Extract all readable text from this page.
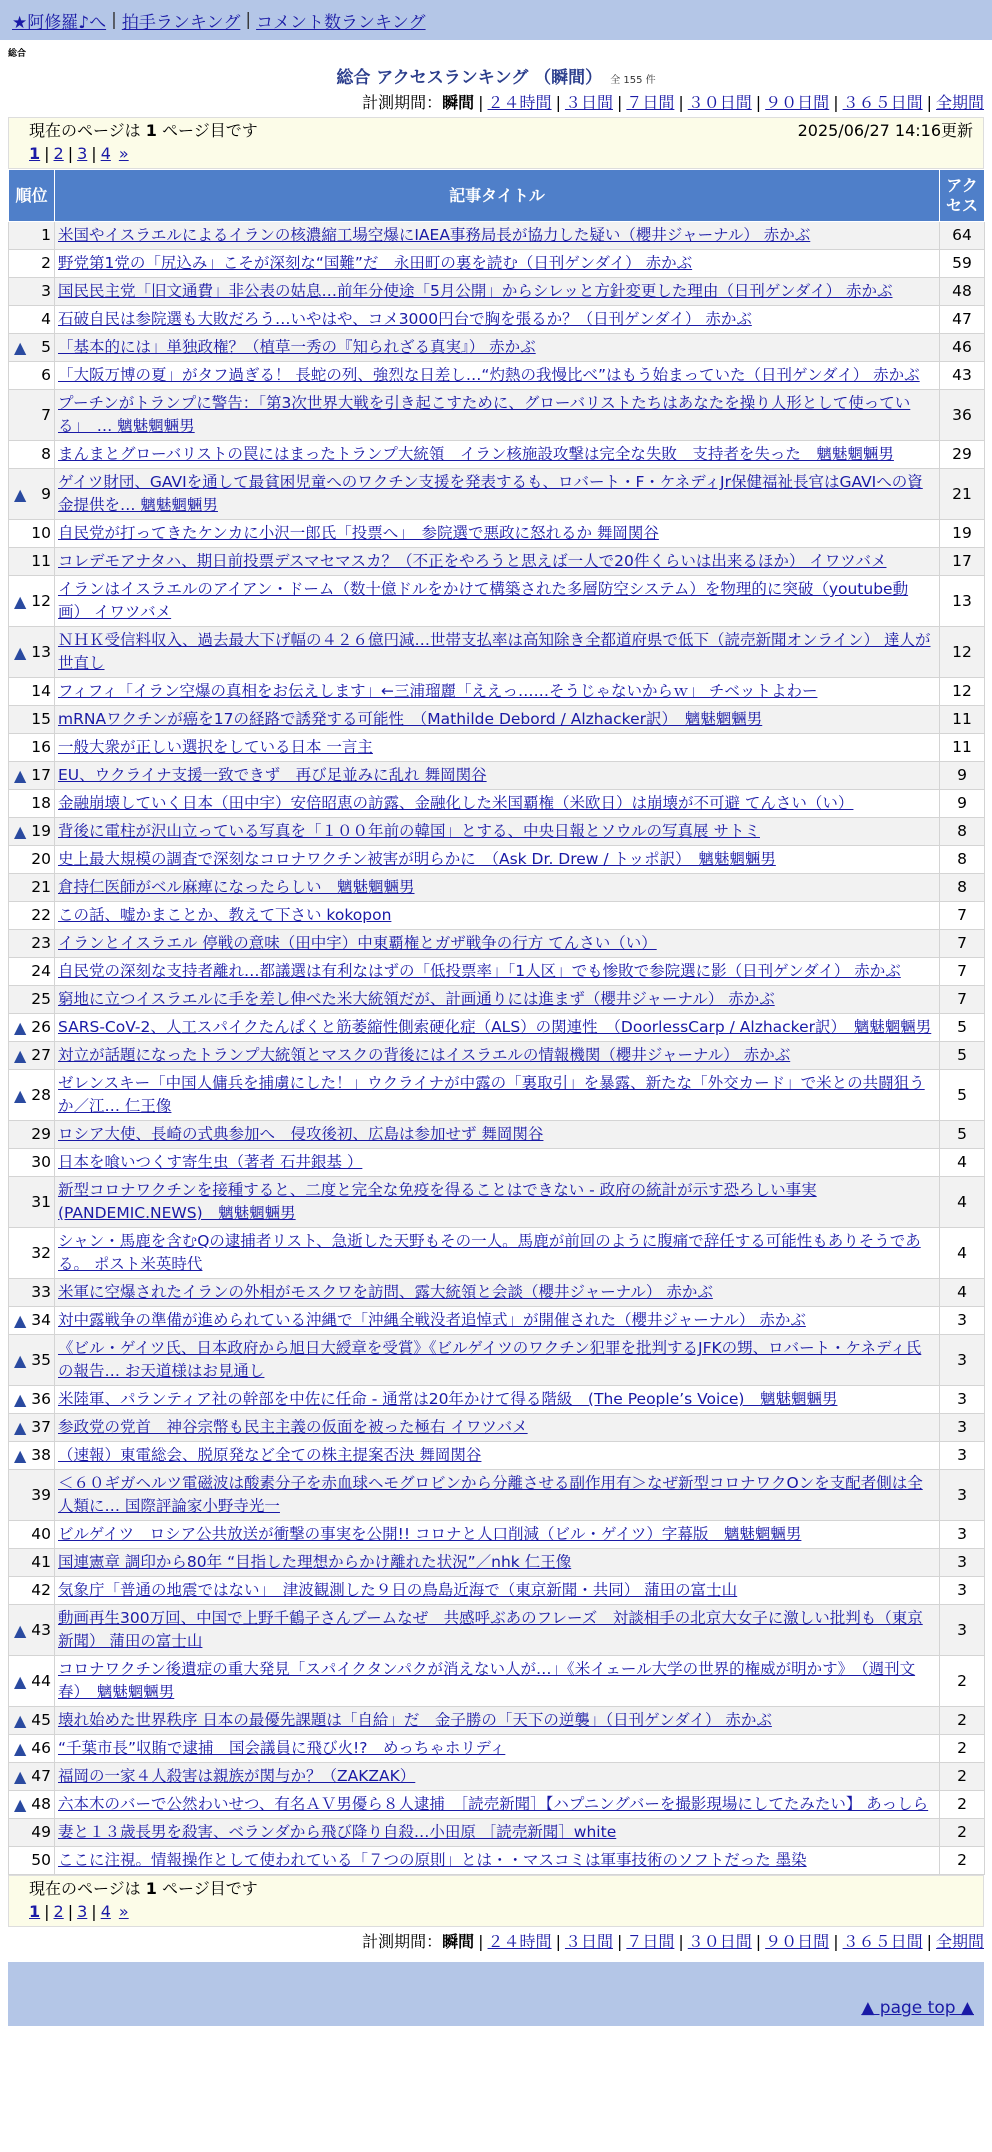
★阿修羅♪へ | 拍手ランキング | コメント数ランキング
総合
総合 アクセスランキング （瞬間） 全 155 件
計測期間：瞬間 | ２４時間 | ３日間 | ７日間 | ３０日間 | ９０日間 | ３６５日間 | 全期間
現在のページは 1 ページ目です	2025/06/27 14:16更新
1 | 2 | 3 | 4 »
順位	記事タイトル	アクセス
1	米国やイスラエルによるイランの核濃縮工場空爆にIAEA事務局長が協力した疑い（櫻井ジャーナル） 赤かぶ	64
2	野党第1党の「尻込み」こそが深刻な“国難”だ　永田町の裏を読む（日刊ゲンダイ） 赤かぶ	59
3	国民民主党「旧文通費」非公表の姑息…前年分使途「5月公開」からシレッと方針変更した理由（日刊ゲンダイ） 赤かぶ	48
4	石破自民は参院選も大敗だろう…いやはや、コメ3000円台で胸を張るか？（日刊ゲンダイ） 赤かぶ	47

▲ 5	「基本的には」単独政権？（植草一秀の『知られざる真実』） 赤かぶ	46
6	「大阪万博の夏」がタフ過ぎる！ 長蛇の列、強烈な日差し…“灼熱の我慢比べ”はもう始まっていた（日刊ゲンダイ） 赤かぶ	43
7	プーチンがトランプに警告：「第3次世界大戦を引き起こすために、グローバリストたちはあなたを操り人形として使っている」　… 魑魅魍魎男	36
8	まんまとグローバリストの罠にはまったトランプ大統領　イラン核施設攻撃は完全な失敗　支持者を失った　魑魅魍魎男	29

▲ 9	ゲイツ財団、GAVIを通して最貧困児童へのワクチン支援を発表するも、ロバート・F・ケネディJr保健福祉長官はGAVIへの資金提供を… 魑魅魍魎男	21
10	自民党が打ってきたケンカに小沢一郎氏「投票へ」　参院選で悪政に怒れるか 舞岡関谷	19
11	コレデモアナタハ、期日前投票デスマセマスカ？（不正をやろうと思えば一人で20件くらいは出来るほか） イワツバメ	17

▲ 12	イランはイスラエルのアイアン・ドーム（数十億ドルをかけて構築された多層防空システム）を物理的に突破（youtube動画） イワツバメ	13

▲ 13	ＮＨＫ受信料収入、過去最大下げ幅の４２６億円減…世帯支払率は高知除き全都道府県で低下（読売新聞オンライン） 達人が世直し	12
14	フィフィ「イラン空爆の真相をお伝えします」←三浦瑠麗「ええっ……そうじゃないからｗ」 チベットよわー	12
15	mRNAワクチンが癌を17の経路で誘発する可能性　（Mathilde Debord / Alzhacker訳）　魑魅魍魎男	11
16	一般大衆が正しい選択をしている日本 一言主	11

▲ 17	EU、ウクライナ支援一致できず　再び足並みに乱れ 舞岡関谷	9
18	金融崩壊していく日本（田中宇）安倍昭恵の訪露、金融化した米国覇権（米欧日）は崩壊が不可避 てんさい（い）	9

▲ 19	背後に電柱が沢山立っている写真を「１００年前の韓国」とする、中央日報とソウルの写真展 サトミ	8
20	史上最大規模の調査で深刻なコロナワクチン被害が明らかに　（Ask Dr. Drew / トッポ訳）　魑魅魍魎男	8
21	倉持仁医師がベル麻痺になったらしい　魑魅魍魎男	8
22	この話、嘘かまことか、教えて下さい kokopon	7
23	イランとイスラエル 停戦の意味（田中宇）中東覇権とガザ戦争の行方 てんさい（い）	7
24	自民党の深刻な支持者離れ…都議選は有利なはずの「低投票率」「1人区」でも惨敗で参院選に影（日刊ゲンダイ） 赤かぶ	7
25	窮地に立つイスラエルに手を差し伸べた米大統領だが、計画通りには進まず（櫻井ジャーナル） 赤かぶ	7

▲ 26	SARS-CoV-2、人工スパイクたんぱくと筋萎縮性側索硬化症（ALS）の関連性　（DoorlessCarp / Alzhacker訳）　魑魅魍魎男	5

▲ 27	対立が話題になったトランプ大統領とマスクの背後にはイスラエルの情報機関（櫻井ジャーナル） 赤かぶ	5

▲ 28	ゼレンスキー「中国人傭兵を捕虜にした！」ウクライナが中露の「裏取引」を暴露、新たな「外交カード」で米との共闘狙うか／江… 仁王像	5
29	ロシア大使、長崎の式典参加へ　侵攻後初、広島は参加せず 舞岡関谷	5
30	日本を喰いつくす寄生虫（著者 石井銀基 ）	4
31	新型コロナワクチンを接種すると、二度と完全な免疫を得ることはできない - 政府の統計が示す恐ろしい事実 (PANDEMIC.NEWS)　魑魅魍魎男	4
32	シャン・馬鹿を含むQの逮捕者リスト、急逝した天野もその一人。馬鹿が前回のように腹痛で辞任する可能性もありそうである。 ポスト米英時代	4
33	米軍に空爆されたイランの外相がモスクワを訪問、露大統領と会談（櫻井ジャーナル） 赤かぶ	4

▲ 34	対中露戦争の準備が進められている沖縄で「沖縄全戦没者追悼式」が開催された（櫻井ジャーナル） 赤かぶ	3

▲ 35	《ビル・ゲイツ氏、日本政府から旭日大綬章を受賞》《ビルゲイツのワクチン犯罪を批判するJFKの甥、ロバート・ケネディ氏の報告… お天道様はお見通し	3

▲ 36	米陸軍、パランティア社の幹部を中佐に任命 - 通常は20年かけて得る階級　(The People’s Voice)　魑魅魍魎男	3

▲ 37	参政党の党首　神谷宗幣も民主主義の仮面を被った極右 イワツバメ	3

▲ 38	（速報）東電総会、脱原発など全ての株主提案否決 舞岡関谷	3
39	＜６０ギガヘルツ電磁波は酸素分子を赤血球ヘモグロビンから分離させる副作用有＞なぜ新型コロナワクOンを支配者側は全人類に… 国際評論家小野寺光一	3
40	ビルゲイツ　ロシア公共放送が衝撃の事実を公開!! コロナと人口削減（ビル・ゲイツ）字幕版　魑魅魍魎男	3
41	国連憲章 調印から80年 “目指した理想からかけ離れた状況”／nhk 仁王像	3
42	気象庁「普通の地震ではない」　津波観測した９日の鳥島近海で（東京新聞・共同） 蒲田の富士山	3

▲ 43	動画再生300万回、中国で上野千鶴子さんブームなぜ　共感呼ぶあのフレーズ　対談相手の北京大女子に激しい批判も（東京新聞） 蒲田の富士山	3

▲ 44	コロナワクチン後遺症の重大発見「スパイクタンパクが消えない人が…」《米イェール大学の世界的権威が明かす》　（週刊文春）　魑魅魍魎男	2

▲ 45	壊れ始めた世界秩序 日本の最優先課題は「自給」だ　金子勝の「天下の逆襲」（日刊ゲンダイ） 赤かぶ	2

▲ 46	“千葉市長”収賄で逮捕　国会議員に飛び火!?　めっちゃホリディ	2

▲ 47	福岡の一家４人殺害は親族が関与か？（ZAKZAK）	2

▲ 48	六本木のバーで公然わいせつ、有名ＡＶ男優ら８人逮捕　［読売新聞］【ハプニングバーを撮影現場にしてたみたい】 あっしら	2
49	妻と１３歳長男を殺害、ベランダから飛び降り自殺…小田原 ［読売新聞］white	2
50	ここに注視。情報操作として使われている「７つの原則」とは・・マスコミは軍事技術のソフトだった 墨染	2
現在のページは 1 ページ目です
1 | 2 | 3 | 4 »
計測期間：瞬間 | ２４時間 | ３日間 | ７日間 | ３０日間 | ９０日間 | ３６５日間 | 全期間
▲ page top ▲
